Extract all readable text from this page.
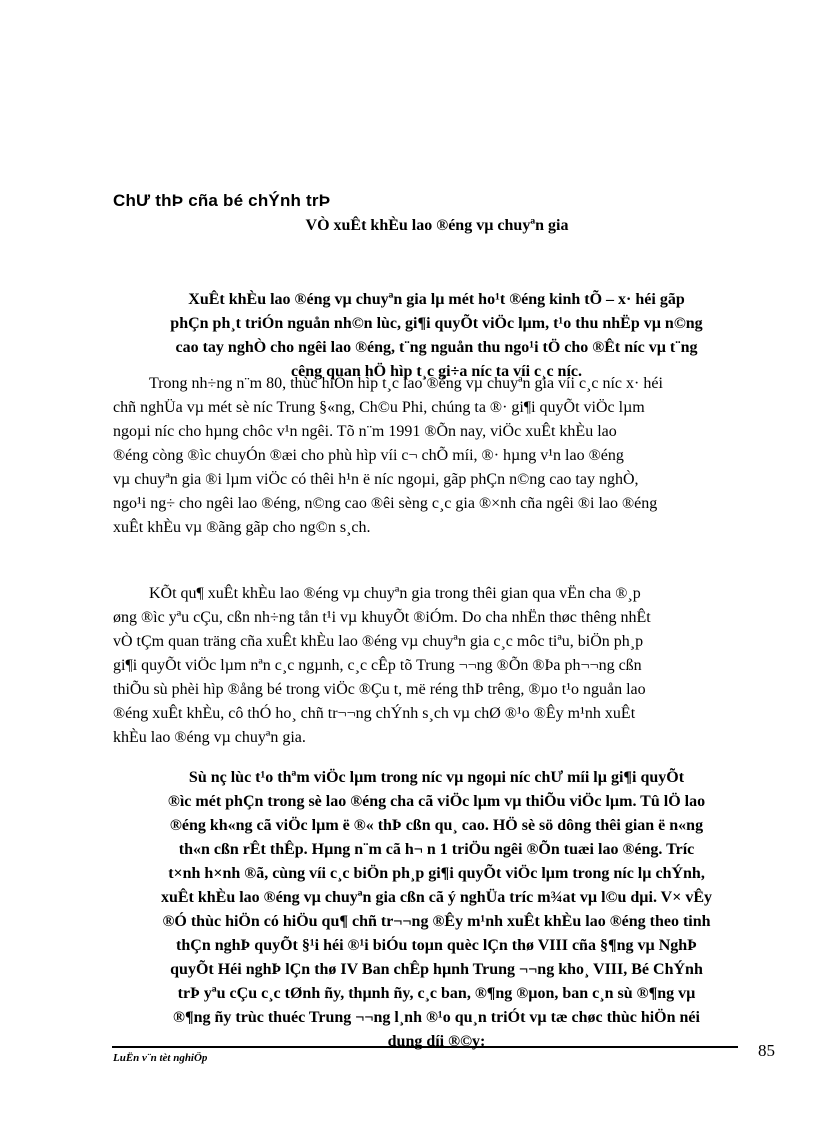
ChƯ thÞ cña bé chÝnh trÞ
VÒ xuÊt khÈu lao ®éng vµ chuyªn gia
XuÊt khÈu lao ®éng vµ chuyªn gia lµ mét ho¹t ®éng kinh tÕ – x· héi gãp
phÇn ph¸t triÓn nguån nh©n lùc, gi¶i quyÕt viÖc lµm, t¹o thu nhËp vµ n©ng
cao tay nghÒ cho ngêi lao ®éng, t¨ng nguån thu ngo¹i tÖ cho ®Êt níc vµ t¨ng
cêng quan hÖ hìp t¸c gi÷a níc ta víi c¸c níc.
Trong nh÷ng n¨m 80, thùc hiÖn hìp t¸c lao ®éng vµ chuyªn gia víi c¸c níc x· héi
chñ nghÜa vµ mét sè níc Trung §«ng, Ch©u Phi, chúng ta ®· gi¶i quyÕt viÖc lµm
ngoµi níc cho hµng chôc v¹n ngêi. Tõ n¨m 1991 ®Õn nay, viÖc xuÊt khÈu lao
®éng còng ®ìc chuyÓn ®æi cho phù hìp víi c¬ chÕ míi, ®· hµng v¹n lao ®éng
vµ chuyªn gia ®i lµm viÖc có thêi h¹n ë níc ngoµi, gãp phÇn n©ng cao tay nghÒ,
ngo¹i ng÷ cho ngêi lao ®éng, n©ng cao ®êi sèng c¸c gia ®×nh cña ngêi ®i lao ®éng
xuÊt khÈu vµ ®ãng gãp cho ng©n s¸ch.
KÕt qu¶ xuÊt khÈu lao ®éng vµ chuyªn gia trong thêi gian qua vËn cha ®¸p
øng ®ìc yªu cÇu, cßn nh÷ng tån t¹i vµ khuyÕt ®iÓm. Do cha nhËn thøc thêng nhÊt
vÒ tÇm quan träng cña xuÊt khÈu lao ®éng vµ chuyªn gia c¸c môc tiªu, biÖn ph¸p
gi¶i quyÕt viÖc lµm nªn c¸c ngµnh, c¸c cÊp tõ Trung ¬¬ng ®Õn ®Þa ph¬¬ng cßn
thiÕu sù phèi hìp ®ång bé trong viÖc ®Çu t, më réng thÞ trêng, ®µo t¹o nguån lao
®éng xuÊt khÈu, cô thÓ ho¸ chñ tr¬¬ng chÝnh s¸ch vµ chØ ®¹o ®Êy m¹nh xuÊt
khÈu lao ®éng vµ chuyªn gia.
Sù nç lùc t¹o thªm viÖc lµm trong níc vµ ngoµi níc chƯ míi lµ gi¶i quyÕt
®ìc mét phÇn trong sè lao ®éng cha cã viÖc lµm vµ thiÕu viÖc lµm. Tû lÖ lao
®éng kh«ng cã viÖc lµm ë ®« thÞ cßn qu¸ cao. HÖ sè sö dông thêi gian ë n«ng
th«n cßn rÊt thÊp. Hµng n¨m cã h¬ n 1 triÖu ngêi ®Õn tuæi lao ®éng. Tríc
t×nh h×nh ®ã, cùng víi c¸c biÖn ph¸p gi¶i quyÕt viÖc lµm trong níc lµ chÝnh,
xuÊt khÈu lao ®éng vµ chuyªn gia cßn cã ý nghÜa tríc m¾at vµ l©u dµi. V× vÊy
®Ó thùc hiÖn có hiÖu qu¶ chñ tr¬¬ng ®Êy m¹nh xuÊt khÈu lao ®éng theo tinh
thÇn nghÞ quyÕt §¹i héi ®¹i biÓu toµn quèc lÇn thø VIII cña §¶ng vµ NghÞ
quyÕt Héi nghÞ lÇn thø IV Ban chÊp hµnh Trung ¬¬ng kho¸ VIII, Bé ChÝnh
trÞ yªu cÇu c¸c tØnh ñy, thµnh ñy, c¸c ban, ®¶ng ®µon, ban c¸n sù ®¶ng vµ
®¶ng ñy trùc thuéc Trung ¬¬ng l¸nh ®¹o qu¸n triÓt vµ tæ chøc thùc hiÖn néi
dung díi ®©y:
LuËn v¨n tèt nghiÖp	85
